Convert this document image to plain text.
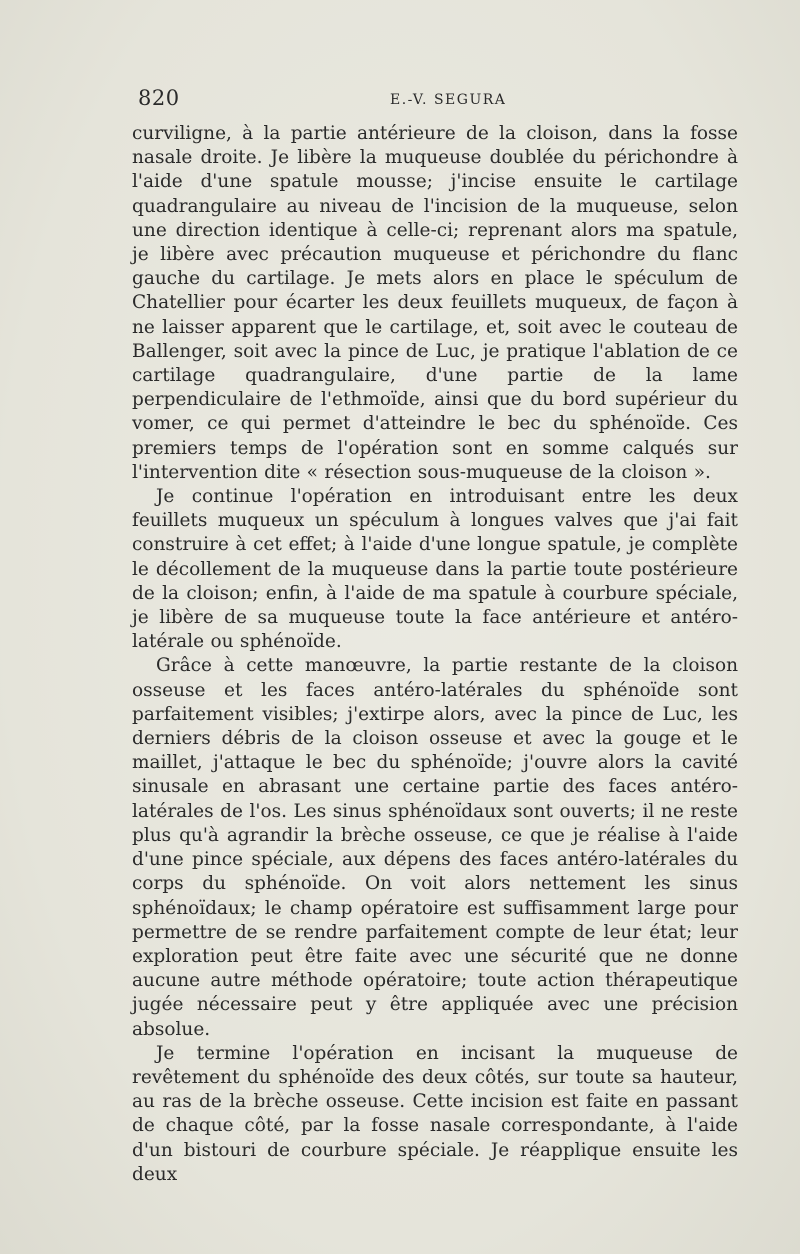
820	E.-V. SEGURA

curviligne, à la partie antérieure de la cloison, dans la fosse nasale droite. Je libère la muqueuse doublée du périchondre à l'aide d'une spatule mousse; j'incise ensuite le cartilage quadrangulaire au niveau de l'incision de la muqueuse, selon une direction identique à celle-ci; reprenant alors ma spatule, je libère avec précaution muqueuse et périchondre du flanc gauche du cartilage. Je mets alors en place le spéculum de Chatellier pour écarter les deux feuillets muqueux, de façon à ne laisser apparent que le cartilage, et, soit avec le couteau de Ballenger, soit avec la pince de Luc, je pratique l'ablation de ce cartilage quadrangulaire, d'une partie de la lame perpendiculaire de l'ethmoïde, ainsi que du bord supérieur du vomer, ce qui permet d'atteindre le bec du sphénoïde. Ces premiers temps de l'opération sont en somme calqués sur l'intervention dite « résection sous-muqueuse de la cloison ».

Je continue l'opération en introduisant entre les deux feuillets muqueux un spéculum à longues valves que j'ai fait construire à cet effet; à l'aide d'une longue spatule, je complète le décollement de la muqueuse dans la partie toute postérieure de la cloison; enfin, à l'aide de ma spatule à courbure spéciale, je libère de sa muqueuse toute la face antérieure et antéro-latérale ou sphénoïde.

Grâce à cette manœuvre, la partie restante de la cloison osseuse et les faces antéro-latérales du sphénoïde sont parfaitement visibles; j'extirpe alors, avec la pince de Luc, les derniers débris de la cloison osseuse et avec la gouge et le maillet, j'attaque le bec du sphénoïde; j'ouvre alors la cavité sinusale en abrasant une certaine partie des faces antéro-latérales de l'os. Les sinus sphénoïdaux sont ouverts; il ne reste plus qu'à agrandir la brèche osseuse, ce que je réalise à l'aide d'une pince spéciale, aux dépens des faces antéro-latérales du corps du sphénoïde. On voit alors nettement les sinus sphénoïdaux; le champ opératoire est suffisamment large pour permettre de se rendre parfaitement compte de leur état; leur exploration peut être faite avec une sécurité que ne donne aucune autre méthode opératoire; toute action thérapeutique jugée nécessaire peut y être appliquée avec une précision absolue.

Je termine l'opération en incisant la muqueuse de revêtement du sphénoïde des deux côtés, sur toute sa hauteur, au ras de la brèche osseuse. Cette incision est faite en passant de chaque côté, par la fosse nasale correspondante, à l'aide d'un bistouri de courbure spéciale. Je réapplique ensuite les deux
